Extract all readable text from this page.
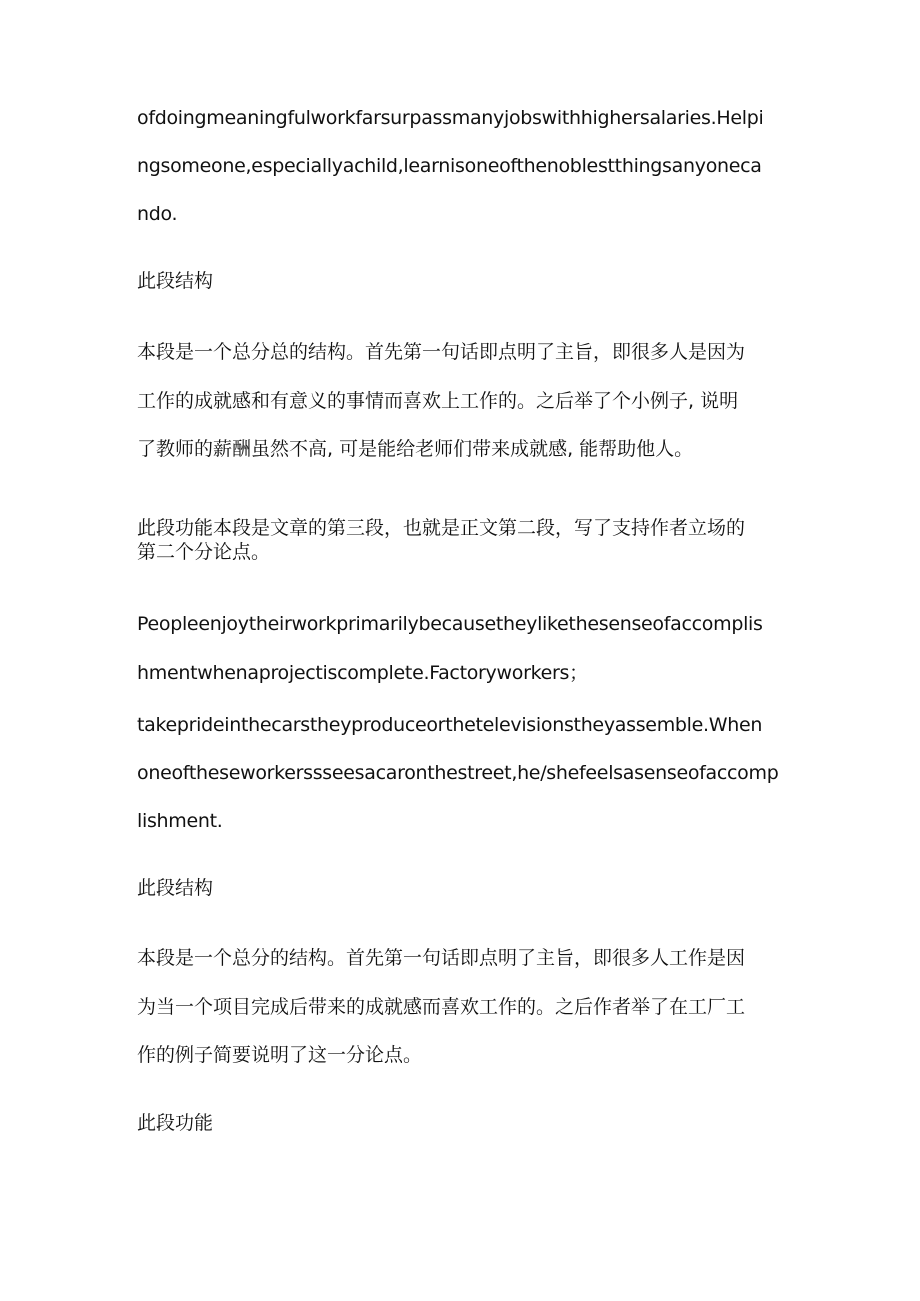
ofdoingmeaningfulworkfarsurpassmanyjobswithhighersalaries.Helpi
ngsomeone,especiallyachild,learnisoneofthenoblestthingsanyoneca
ndo.
此段结构
本段是一个总分总的结构。首先第一句话即点明了主旨，即很多人是因为
工作的成就感和有意义的事情而喜欢上工作的。之后举了个小例子, 说明
了教师的薪酬虽然不高, 可是能给老师们带来成就感, 能帮助他人。
此段功能本段是文章的第三段，也就是正文第二段，写了支持作者立场的
第二个分论点。
Peopleenjoytheirworkprimarilybecausetheylikethesenseofaccomplis
hmentwhenaprojectiscomplete.Factoryworkers；
takeprideinthecarstheyproduceorthetelevisionstheyassemble.When
oneoftheseworkerssseesacaronthestreet,he/shefeelsasenseofaccomp
lishment.
此段结构
本段是一个总分的结构。首先第一句话即点明了主旨，即很多人工作是因
为当一个项目完成后带来的成就感而喜欢工作的。之后作者举了在工厂工
作的例子简要说明了这一分论点。
此段功能
